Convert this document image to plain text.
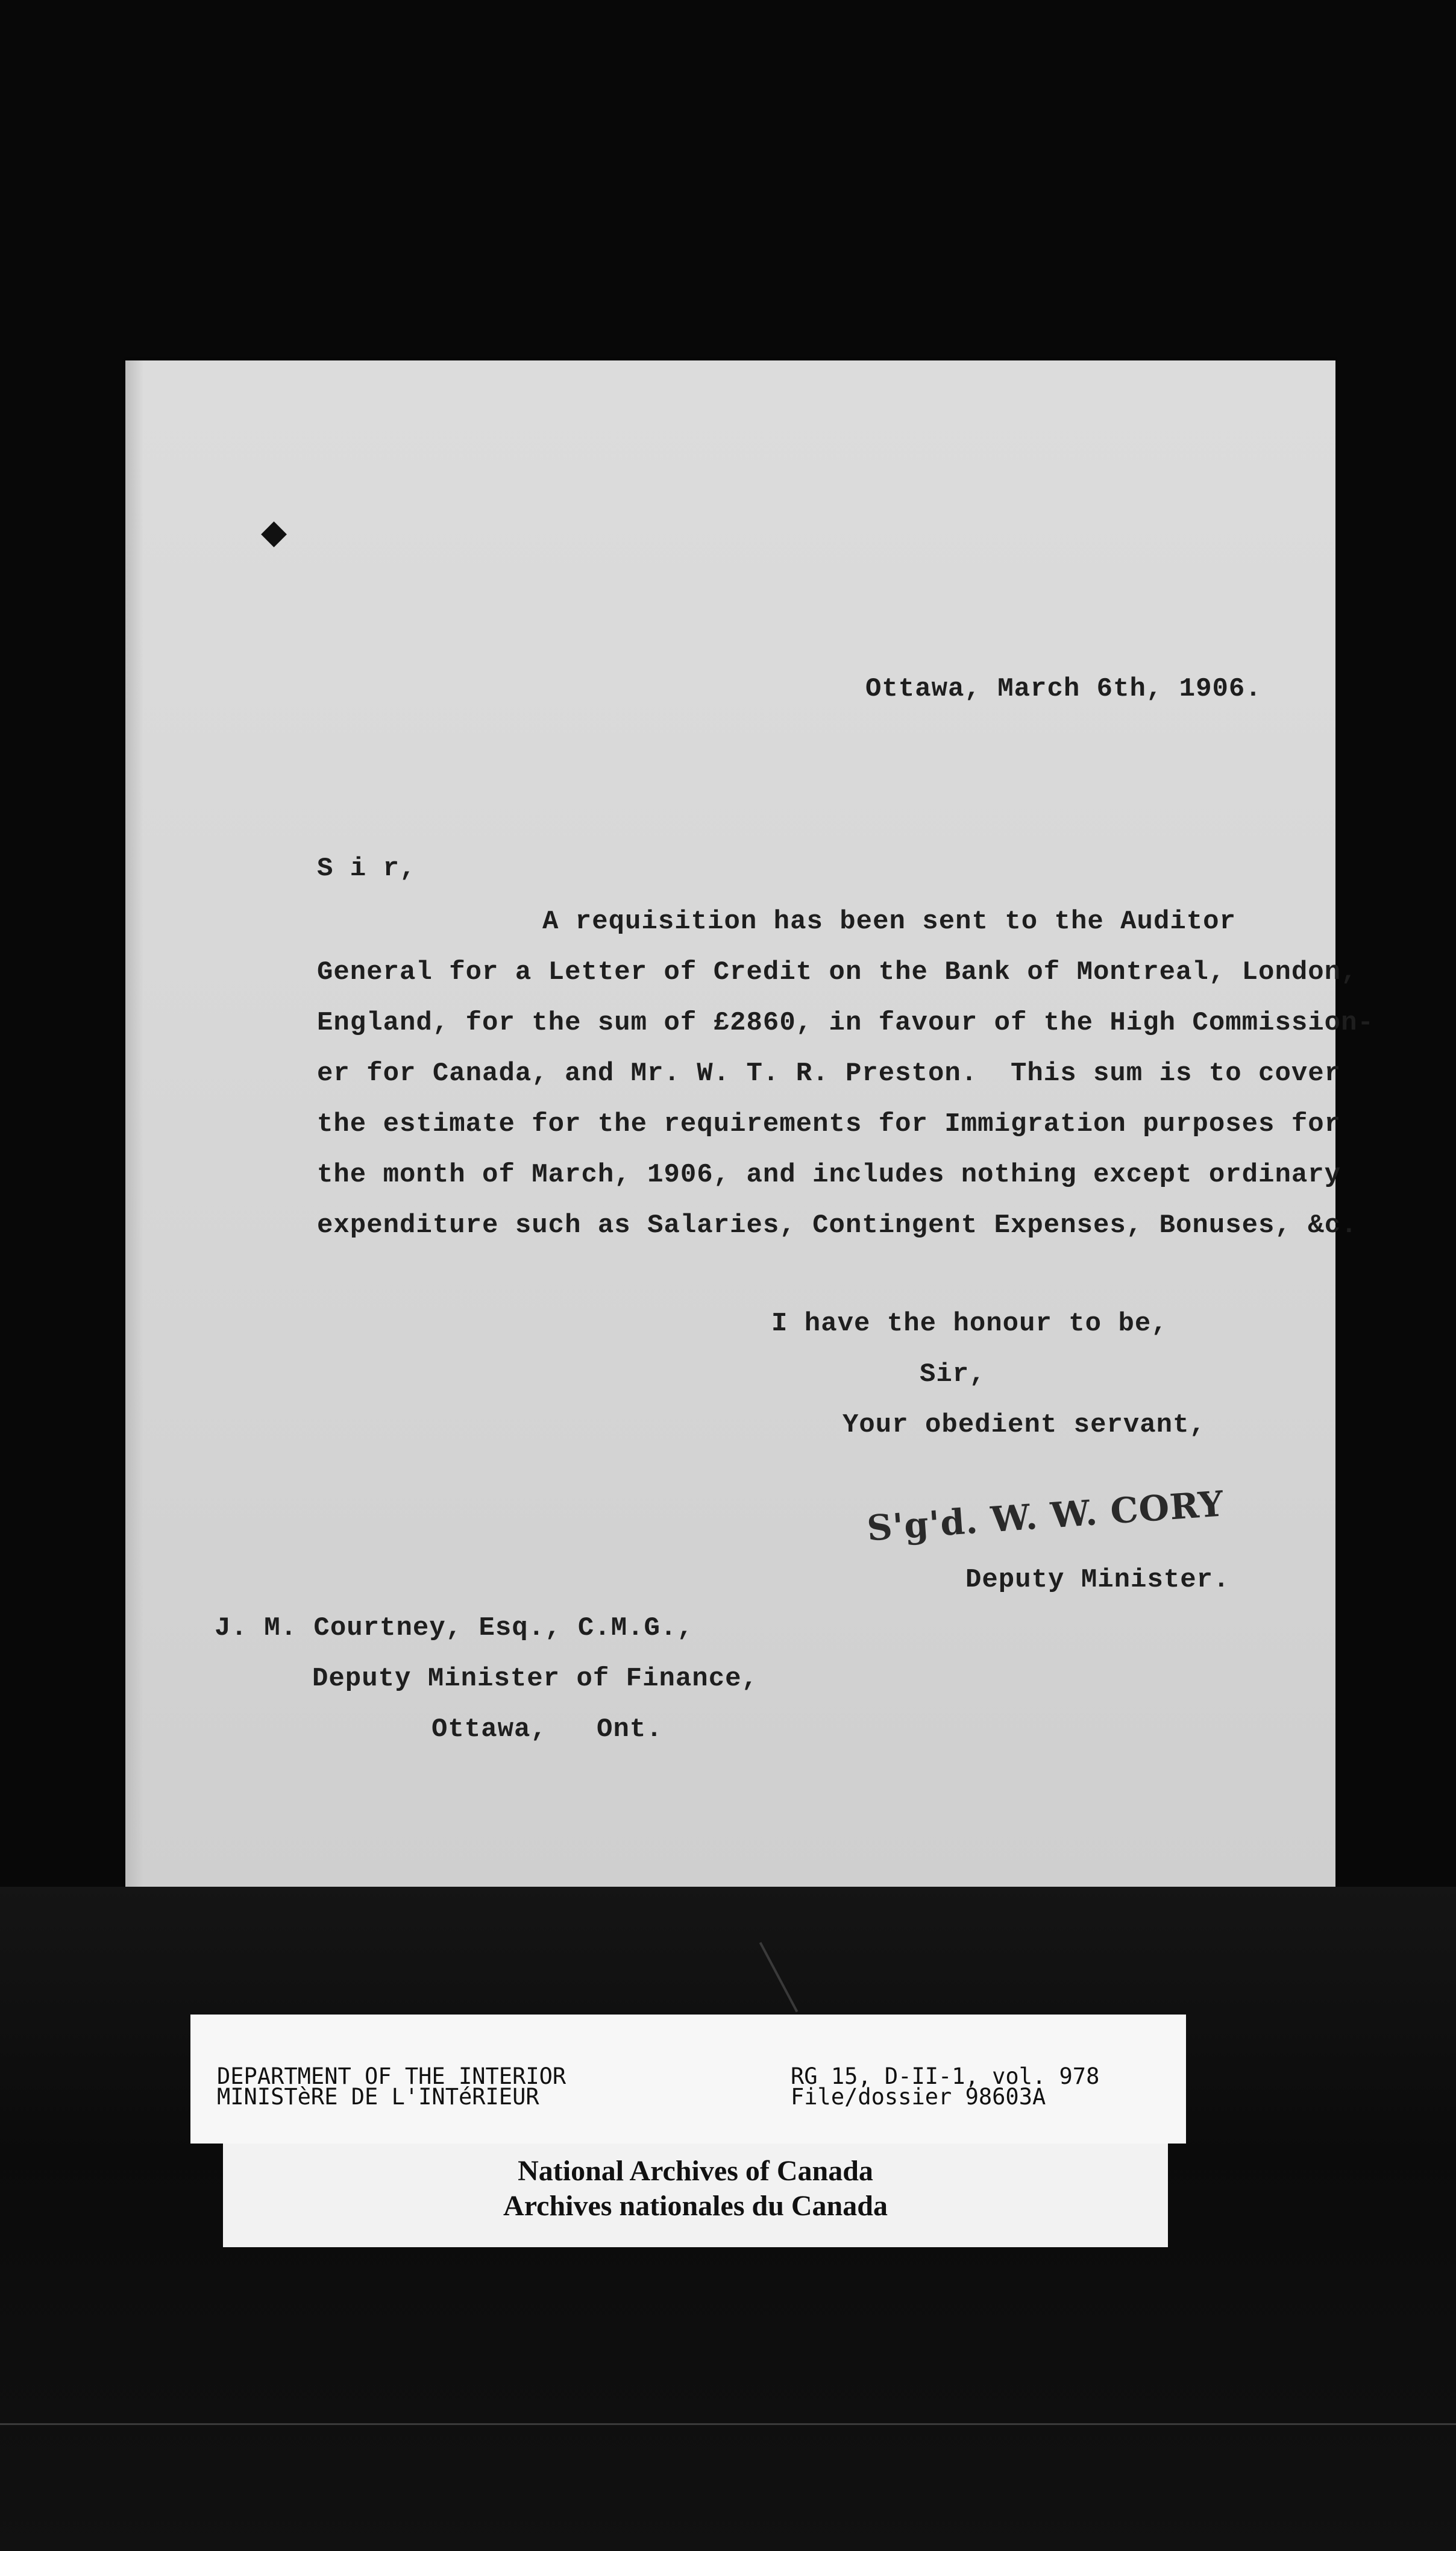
◆
Ottawa, March 6th, 1906.
S i r,
A requisition has been sent to the Auditor
General for a Letter of Credit on the Bank of Montreal, London,
England, for the sum of £2860, in favour of the High Commission-
er for Canada, and Mr. W. T. R. Preston.  This sum is to cover
the estimate for the requirements for Immigration purposes for
the month of March, 1906, and includes nothing except ordinary
expenditure such as Salaries, Contingent Expenses, Bonuses, &c.
I have the honour to be,
Sir,
Your obedient servant,
S'g'd. W. W. CORY
Deputy Minister.
J. M. Courtney, Esq., C.M.G.,
Deputy Minister of Finance,
Ottawa,   Ont.
National Archives of Canada
Archives nationales du Canada
DEPARTMENT OF THE INTERIOR
MINISTèRE DE L'INTéRIEUR
RG 15, D-II-1, vol. 978
File/dossier 98603A
